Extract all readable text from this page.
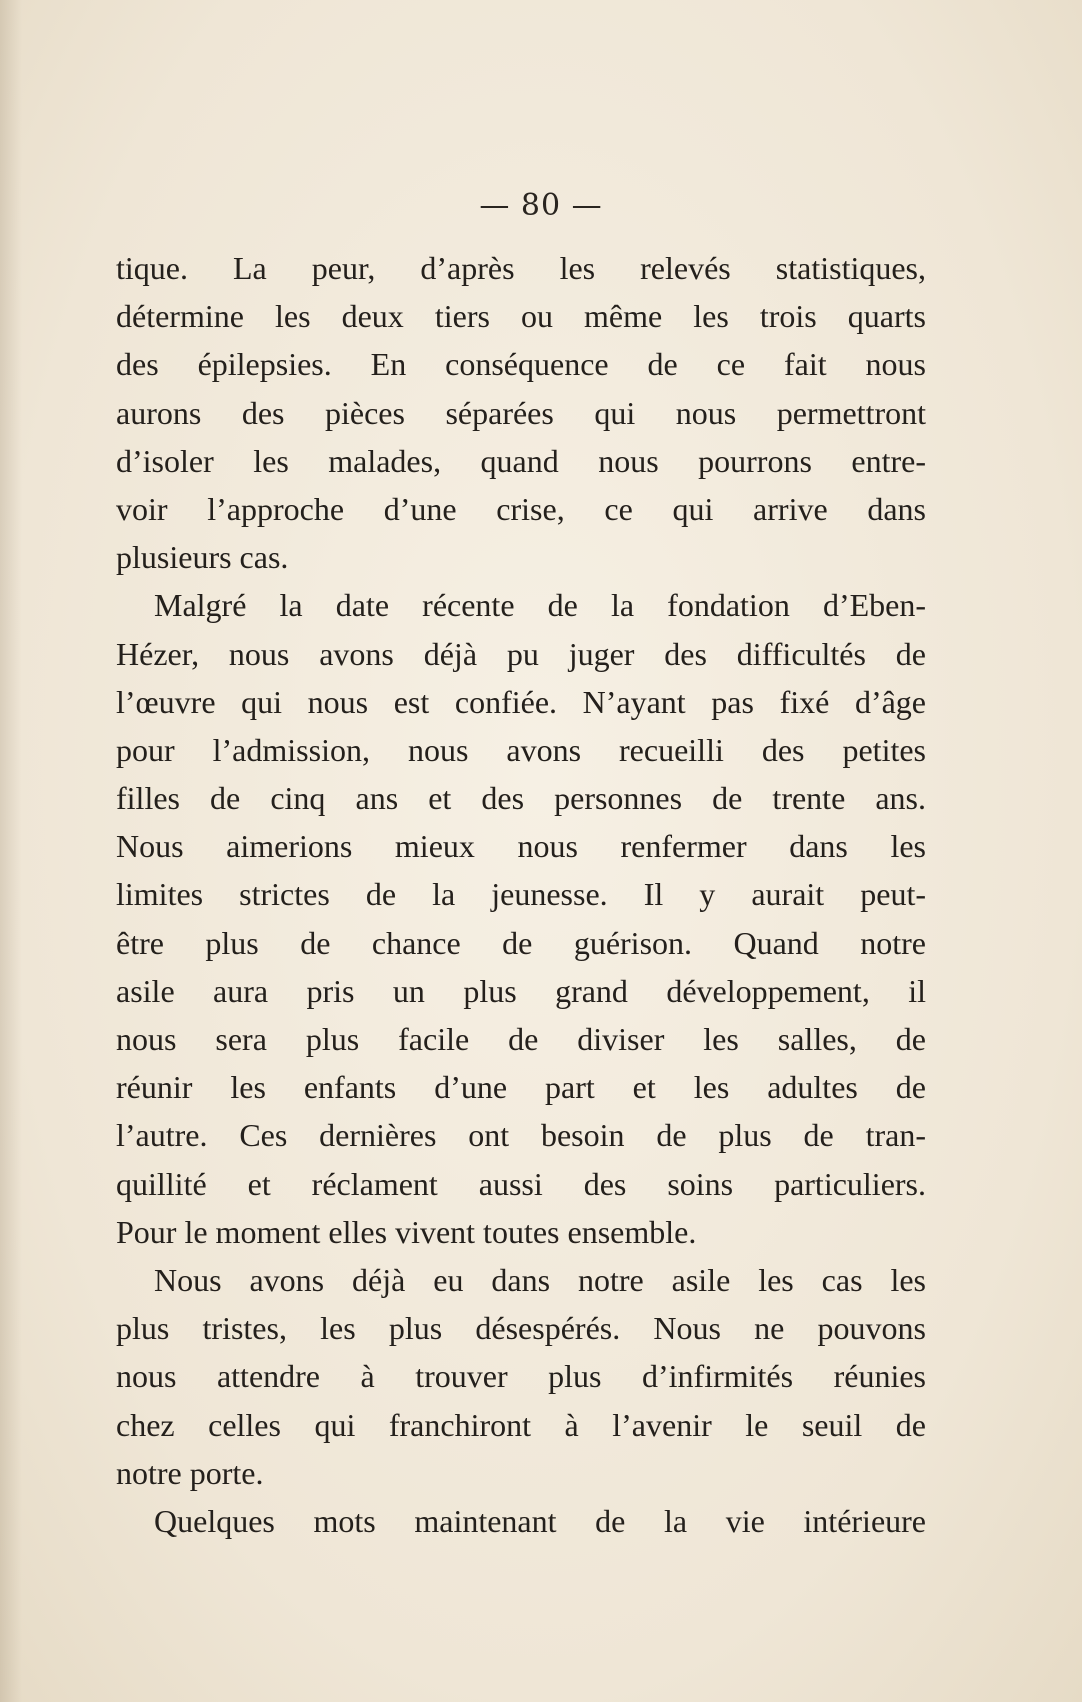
— 80 —
tique. La peur, d’après les relevés statistiques,
détermine les deux tiers ou même les trois quarts
des épilepsies. En conséquence de ce fait nous
aurons des pièces séparées qui nous permettront
d’isoler les malades, quand nous pourrons entre-
voir l’approche d’une crise, ce qui arrive dans
plusieurs cas.
Malgré la date récente de la fondation d’Eben-
Hézer, nous avons déjà pu juger des difficultés de
l’œuvre qui nous est confiée. N’ayant pas fixé d’âge
pour l’admission, nous avons recueilli des petites
filles de cinq ans et des personnes de trente ans.
Nous aimerions mieux nous renfermer dans les
limites strictes de la jeunesse. Il y aurait peut-
être plus de chance de guérison. Quand notre
asile aura pris un plus grand développement, il
nous sera plus facile de diviser les salles, de
réunir les enfants d’une part et les adultes de
l’autre. Ces dernières ont besoin de plus de tran-
quillité et réclament aussi des soins particuliers.
Pour le moment elles vivent toutes ensemble.
Nous avons déjà eu dans notre asile les cas les
plus tristes, les plus désespérés. Nous ne pouvons
nous attendre à trouver plus d’infirmités réunies
chez celles qui franchiront à l’avenir le seuil de
notre porte.
Quelques mots maintenant de la vie intérieure
